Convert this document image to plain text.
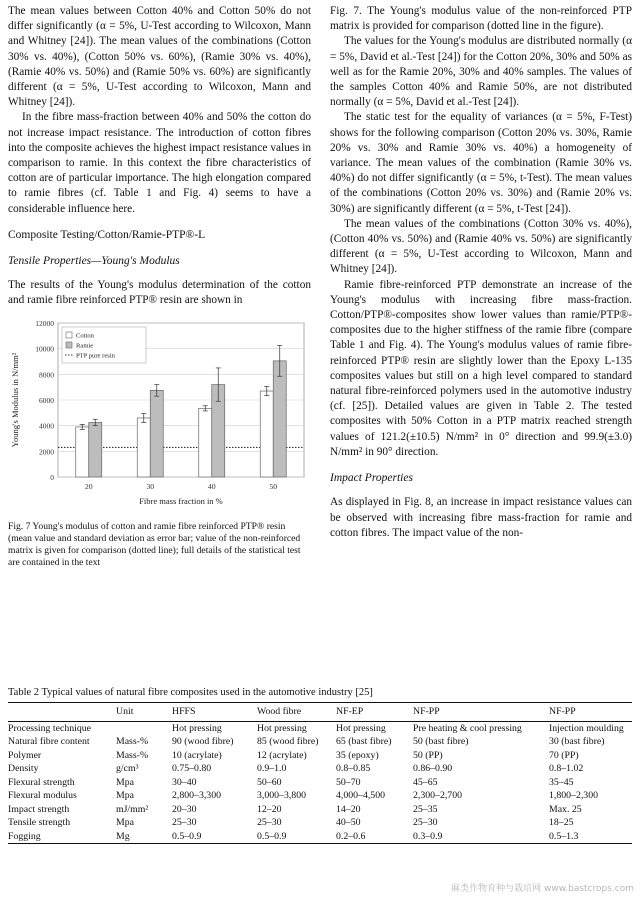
The mean values between Cotton 40% and Cotton 50% do not differ significantly (α = 5%, U-Test according to Wilcoxon, Mann and Whitney [24]). The mean values of the combinations (Cotton 30% vs. 40%), (Cotton 50% vs. 60%), (Ramie 30% vs. 40%), (Ramie 40% vs. 50%) and (Ramie 50% vs. 60%) are significantly different (α = 5%, U-Test according to Wilcoxon, Mann and Whitney [24]).

In the fibre mass-fraction between 40% and 50% the cotton do not increase impact resistance. The introduction of cotton fibres into the composite achieves the highest impact resistance values in comparison to ramie. In this context the fibre characteristics of cotton are of particular importance. The high elongation compared to ramie fibres (cf. Table 1 and Fig. 4) seems to have a considerable influence here.

Composite Testing/Cotton/Ramie-PTP®-L
Tensile Properties—Young's Modulus

The results of the Young's modulus determination of the cotton and ramie fibre reinforced PTP® resin are shown in

0
2000
4000
6000
8000
10000
12000
20	30	40	50
Fibre mass fraction in %
Young's Modulus in N/mm²
Cotton
Ramie
PTP pure resin
Fig. 7 Young's modulus of cotton and ramie fibre reinforced PTP® resin (mean value and standard deviation as error bar; value of the non-reinforced matrix is given for comparison (dotted line); full details of the statistical test are contained in the text

Fig. 7. The Young's modulus value of the non-reinforced PTP matrix is provided for comparison (dotted line in the figure).

The values for the Young's modulus are distributed normally (α = 5%, David et al.-Test [24]) for the Cotton 20%, 30% and 50% as well as for the Ramie 20%, 30% and 40% samples. The values of the samples Cotton 40% and Ramie 50%, are not distributed normally (α = 5%, David et al.-Test [24]).

The static test for the equality of variances (α = 5%, F-Test) shows for the following comparison (Cotton 20% vs. 30%, Ramie 20% vs. 30% and Ramie 30% vs. 40%) a homogeneity of variance. The mean values of the combination (Ramie 30% vs. 40%) do not differ significantly (α = 5%, t-Test). The mean values of the combinations (Cotton 20% vs. 30%) and (Ramie 20% vs. 30%) are significantly different (α = 5%, t-Test [24]).

The mean values of the combinations (Cotton 30% vs. 40%), (Cotton 40% vs. 50%) and (Ramie 40% vs. 50%) are significantly different (α = 5%, U-Test according to Wilcoxon, Mann and Whitney [24]).

Ramie fibre-reinforced PTP demonstrate an increase of the Young's modulus with increasing fibre mass-fraction. Cotton/PTP®-composites show lower values than ramie/PTP®-composites due to the higher stiffness of the ramie fibre (compare Table 1 and Fig. 4). The Young's modulus values of ramie fibre-reinforced PTP® resin are slightly lower than the Epoxy L-135 composites values but still on a high level compared to standard natural fibre-reinforced polymers used in the automotive industry (cf. [25]). Detailed values are given in Table 2. The tested composites with 50% Cotton in a PTP matrix reached strength values of 121.2(±10.5) N/mm² in 0° direction and 99.9(±3.0) N/mm² in 90° direction.

Impact Properties

As displayed in Fig. 8, an increase in impact resistance values can be observed with increasing fibre mass-fraction for ramie and cotton fibres. The impact value of the non-

Table 2 Typical values of natural fibre composites used in the automotive industry [25]
	Unit	HFFS	Wood fibre	NF-EP	NF-PP	NF-PP
Processing technique		Hot pressing	Hot pressing	Hot pressing	Pre heating & cool pressing	Injection moulding
Natural fibre content	Mass-%	90 (wood fibre)	85 (wood fibre)	65 (bast fibre)	50 (bast fibre)	30 (bast fibre)
Polymer	Mass-%	10 (acrylate)	12 (acrylate)	35 (epoxy)	50 (PP)	70 (PP)
Density	g/cm³	0.75–0.80	0.9–1.0	0.8–0.85	0.86–0.90	0.8–1.02
Flexural strength	Mpa	30–40	50–60	50–70	45–65	35–45
Flexural modulus	Mpa	2,800–3,300	3,000–3,800	4,000–4,500	2,300–2,700	1,800–2,300
Impact strength	mJ/mm²	20–30	12–20	14–20	25–35	Max. 25
Tensile strength	Mpa	25–30	25–30	40–50	25–30	18–25
Fogging	Mg	0.5–0.9	0.5–0.9	0.2–0.6	0.3–0.9	0.5–1.3
麻类作物育种与栽培网 www.bastcrops.com
